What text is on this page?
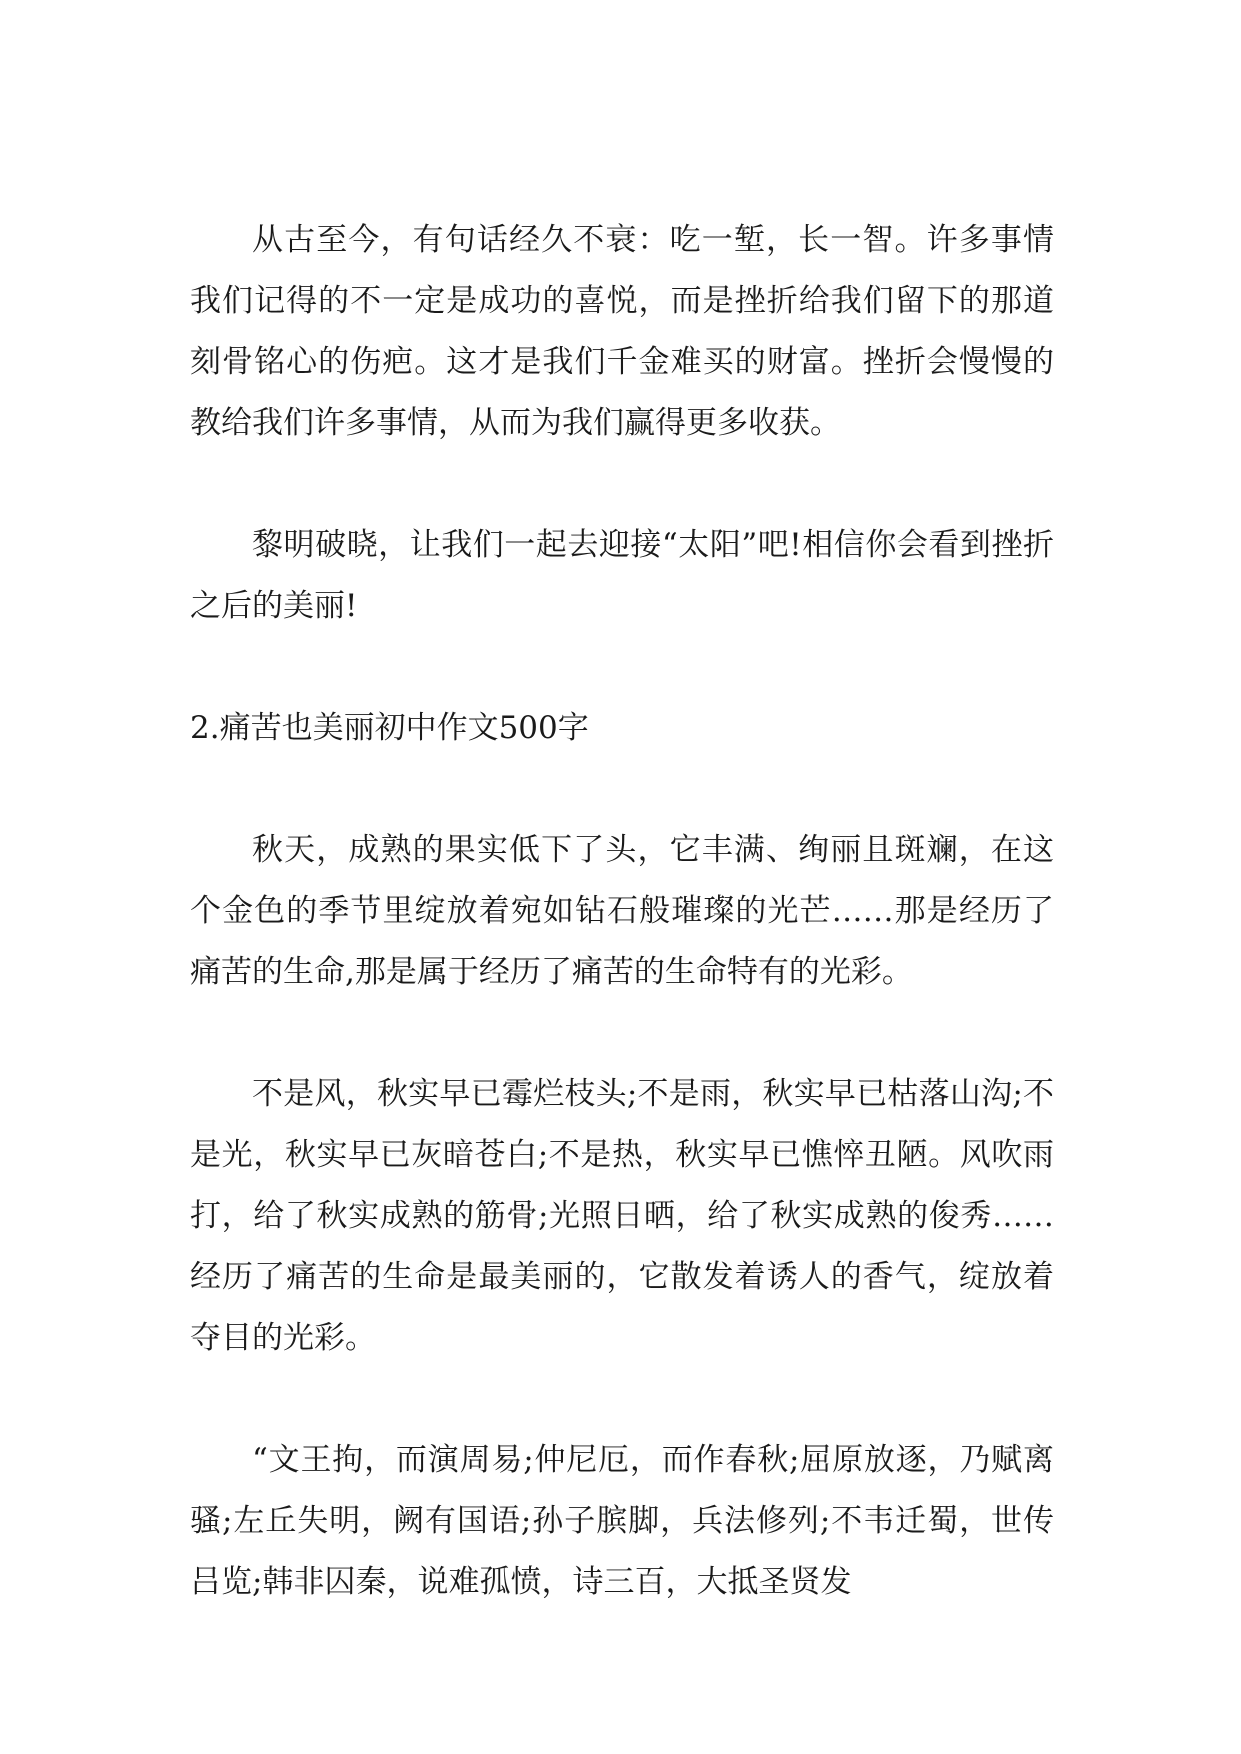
从古至今，有句话经久不衰：吃一堑，长一智。许多事情我们记得的不一定是成功的喜悦，而是挫折给我们留下的那道刻骨铭心的伤疤。这才是我们千金难买的财富。挫折会慢慢的教给我们许多事情，从而为我们赢得更多收获。

黎明破晓，让我们一起去迎接“太阳”吧!相信你会看到挫折之后的美丽!

2.痛苦也美丽初中作文500字

秋天，成熟的果实低下了头，它丰满、绚丽且斑斓，在这个金色的季节里绽放着宛如钻石般璀璨的光芒……那是经历了痛苦的生命,那是属于经历了痛苦的生命特有的光彩。

不是风，秋实早已霉烂枝头;不是雨，秋实早已枯落山沟;不是光，秋实早已灰暗苍白;不是热，秋实早已憔悴丑陋。风吹雨打，给了秋实成熟的筋骨;光照日晒，给了秋实成熟的俊秀……经历了痛苦的生命是最美丽的，它散发着诱人的香气，绽放着夺目的光彩。

“文王拘，而演周易;仲尼厄，而作春秋;屈原放逐，乃赋离骚;左丘失明，阙有国语;孙子膑脚，兵法修列;不韦迁蜀，世传吕览;韩非囚秦，说难孤愤，诗三百，大抵圣贤发
